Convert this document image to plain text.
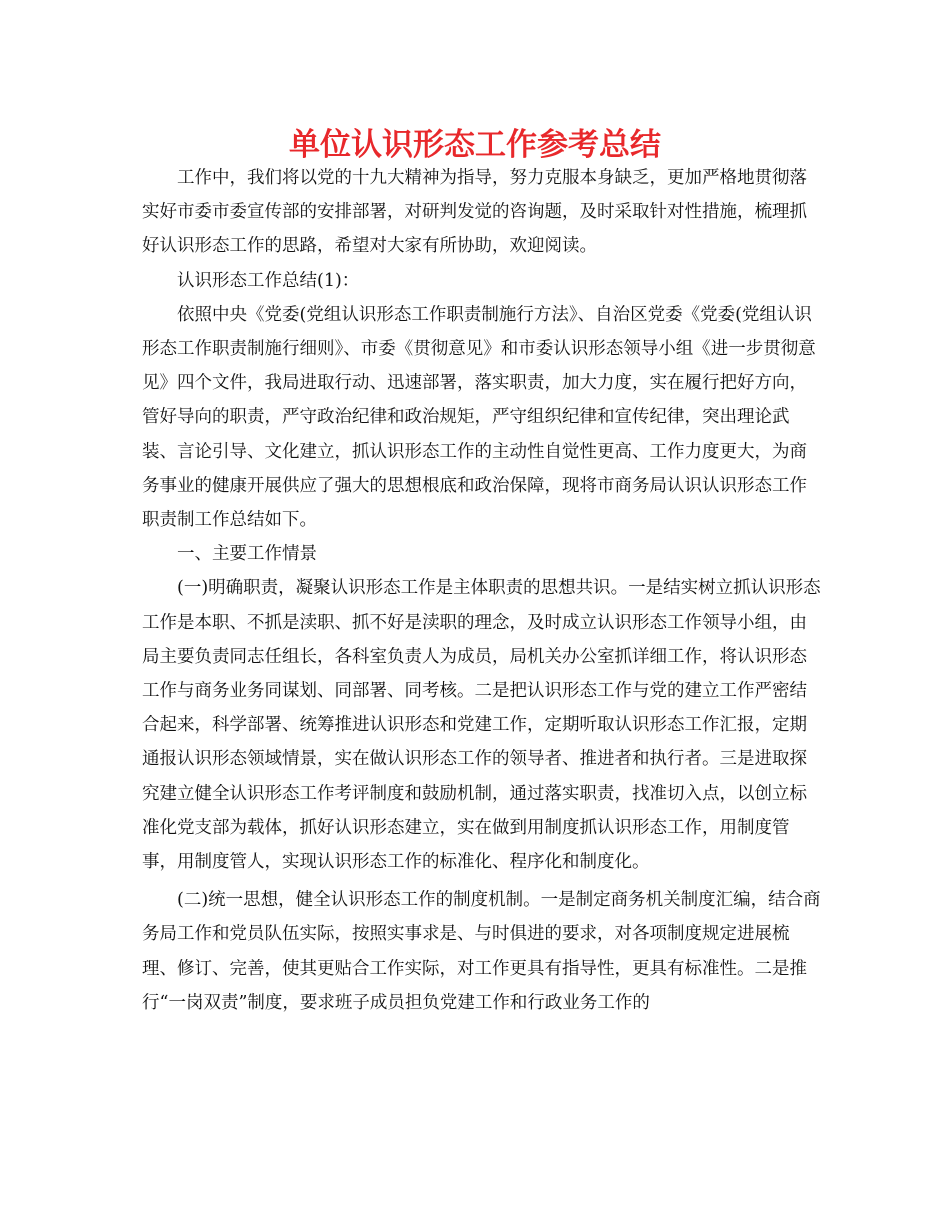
单位认识形态工作参考总结

工作中，我们将以党的十九大精神为指导，努力克服本身缺乏，更加严格地贯彻落实好市委市委宣传部的安排部署，对研判发觉的咨询题，及时采取针对性措施，梳理抓好认识形态工作的思路，希望对大家有所协助，欢迎阅读。

认识形态工作总结(1)：

依照中央《党委(党组认识形态工作职责制施行方法》、自治区党委《党委(党组认识形态工作职责制施行细则》、市委《贯彻意见》和市委认识形态领导小组《进一步贯彻意见》四个文件，我局进取行动、迅速部署，落实职责，加大力度，实在履行把好方向，管好导向的职责，严守政治纪律和政治规矩，严守组织纪律和宣传纪律，突出理论武装、言论引导、文化建立，抓认识形态工作的主动性自觉性更高、工作力度更大，为商务事业的健康开展供应了强大的思想根底和政治保障，现将市商务局认识认识形态工作职责制工作总结如下。

一、主要工作情景

(一)明确职责，凝聚认识形态工作是主体职责的思想共识。一是结实树立抓认识形态工作是本职、不抓是渎职、抓不好是渎职的理念，及时成立认识形态工作领导小组，由局主要负责同志任组长，各科室负责人为成员，局机关办公室抓详细工作，将认识形态工作与商务业务同谋划、同部署、同考核。二是把认识形态工作与党的建立工作严密结合起来，科学部署、统筹推进认识形态和党建工作，定期听取认识形态工作汇报，定期通报认识形态领域情景，实在做认识形态工作的领导者、推进者和执行者。三是进取探究建立健全认识形态工作考评制度和鼓励机制，通过落实职责，找准切入点，以创立标准化党支部为载体，抓好认识形态建立，实在做到用制度抓认识形态工作，用制度管事，用制度管人，实现认识形态工作的标准化、程序化和制度化。

(二)统一思想，健全认识形态工作的制度机制。一是制定商务机关制度汇编，结合商务局工作和党员队伍实际，按照实事求是、与时俱进的要求，对各项制度规定进展梳理、修订、完善，使其更贴合工作实际，对工作更具有指导性，更具有标准性。二是推行“一岗双责”制度，要求班子成员担负党建工作和行政业务工作的
